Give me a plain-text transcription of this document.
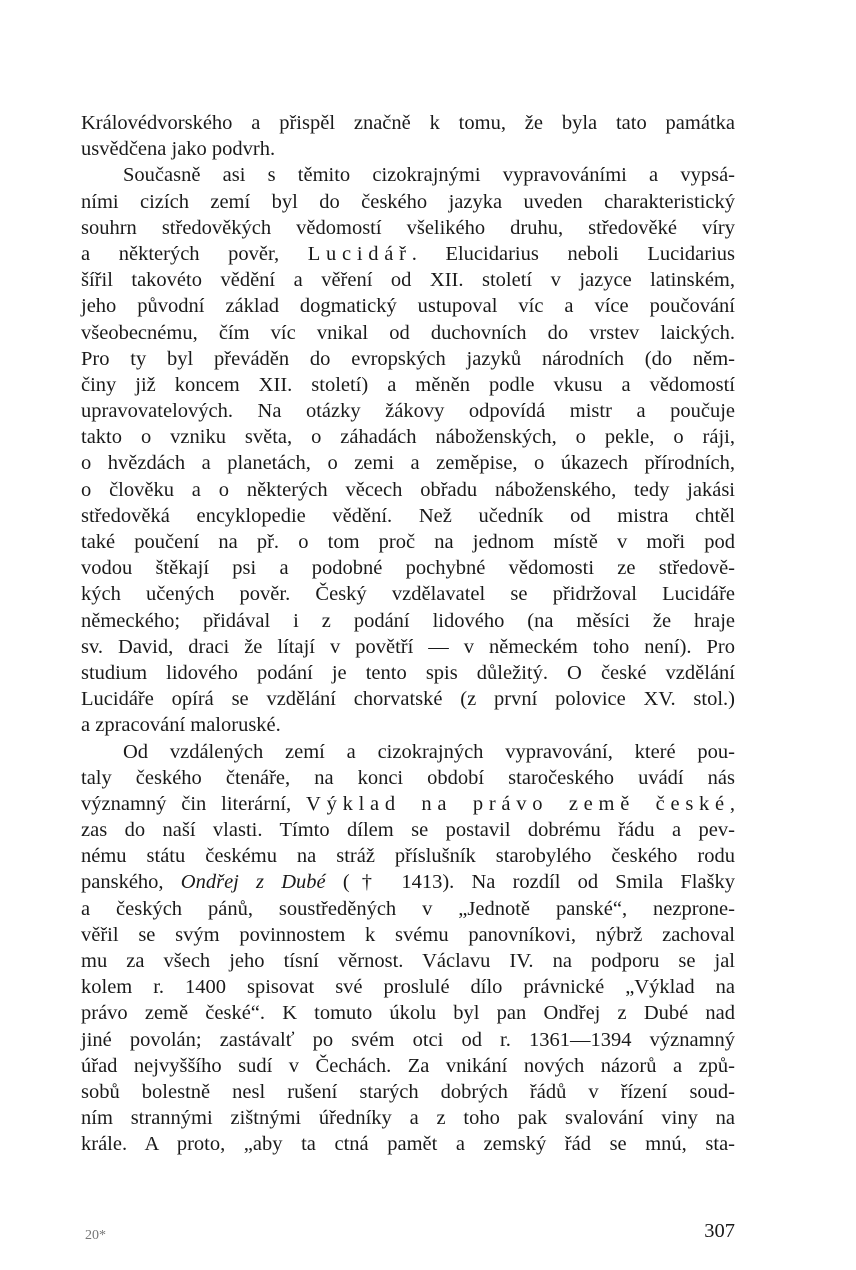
Královédvorského a přispěl značně k tomu, že byla tato památka
usvědčena jako podvrh.
Současně asi s těmito cizokrajnými vypravováními a vypsá-
ními cizích zemí byl do českého jazyka uveden charakteristický
souhrn středověkých vědomostí všelikého druhu, středověké víry
a některých pověr, Lucidář. Elucidarius neboli Lucidarius
šířil takovéto vědění a věření od XII. století v jazyce latinském,
jeho původní základ dogmatický ustupoval víc a více poučování
všeobecnému, čím víc vnikal od duchovních do vrstev laických.
Pro ty byl převáděn do evropských jazyků národních (do něm-
činy již koncem XII. století) a měněn podle vkusu a vědomostí
upravovatelových. Na otázky žákovy odpovídá mistr a poučuje
takto o vzniku světa, o záhadách náboženských, o pekle, o ráji,
o hvězdách a planetách, o zemi a zeměpise, o úkazech přírodních,
o člověku a o některých věcech obřadu náboženského, tedy jakási
středověká encyklopedie vědění. Než učedník od mistra chtěl
také poučení na př. o tom proč na jednom místě v moři pod
vodou štěkají psi a podobné pochybné vědomosti ze středově-
kých učených pověr. Český vzdělavatel se přidržoval Lucidáře
německého; přidával i z podání lidového (na měsíci že hraje
sv. David, draci že lítají v povětří — v německém toho není). Pro
studium lidového podání je tento spis důležitý. O české vzdělání
Lucidáře opírá se vzdělání chorvatské (z první polovice XV. stol.)
a zpracování maloruské.
Od vzdálených zemí a cizokrajných vypravování, které pou-
taly českého čtenáře, na konci období staročeského uvádí nás
významný čin literární, Výklad na právo země české,
zas do naší vlasti. Tímto dílem se postavil dobrému řádu a pev-
nému státu českému na stráž příslušník starobylého českého rodu
panského, Ondřej z Dubé († 1413). Na rozdíl od Smila Flašky
a českých pánů, soustředěných v „Jednotě panské“, nezprone-
věřil se svým povinnostem k svému panovníkovi, nýbrž zachoval
mu za všech jeho tísní věrnost. Václavu IV. na podporu se jal
kolem r. 1400 spisovat své proslulé dílo právnické „Výklad na
právo země české“. K tomuto úkolu byl pan Ondřej z Dubé nad
jiné povolán; zastávalť po svém otci od r. 1361—1394 významný
úřad nejvyššího sudí v Čechách. Za vnikání nových názorů a způ-
sobů bolestně nesl rušení starých dobrých řádů v řízení soud-
ním strannými zištnými úředníky a z toho pak svalování viny na
krále. A proto, „aby ta ctná pamět a zemský řád se mnú, sta-
20*	307
